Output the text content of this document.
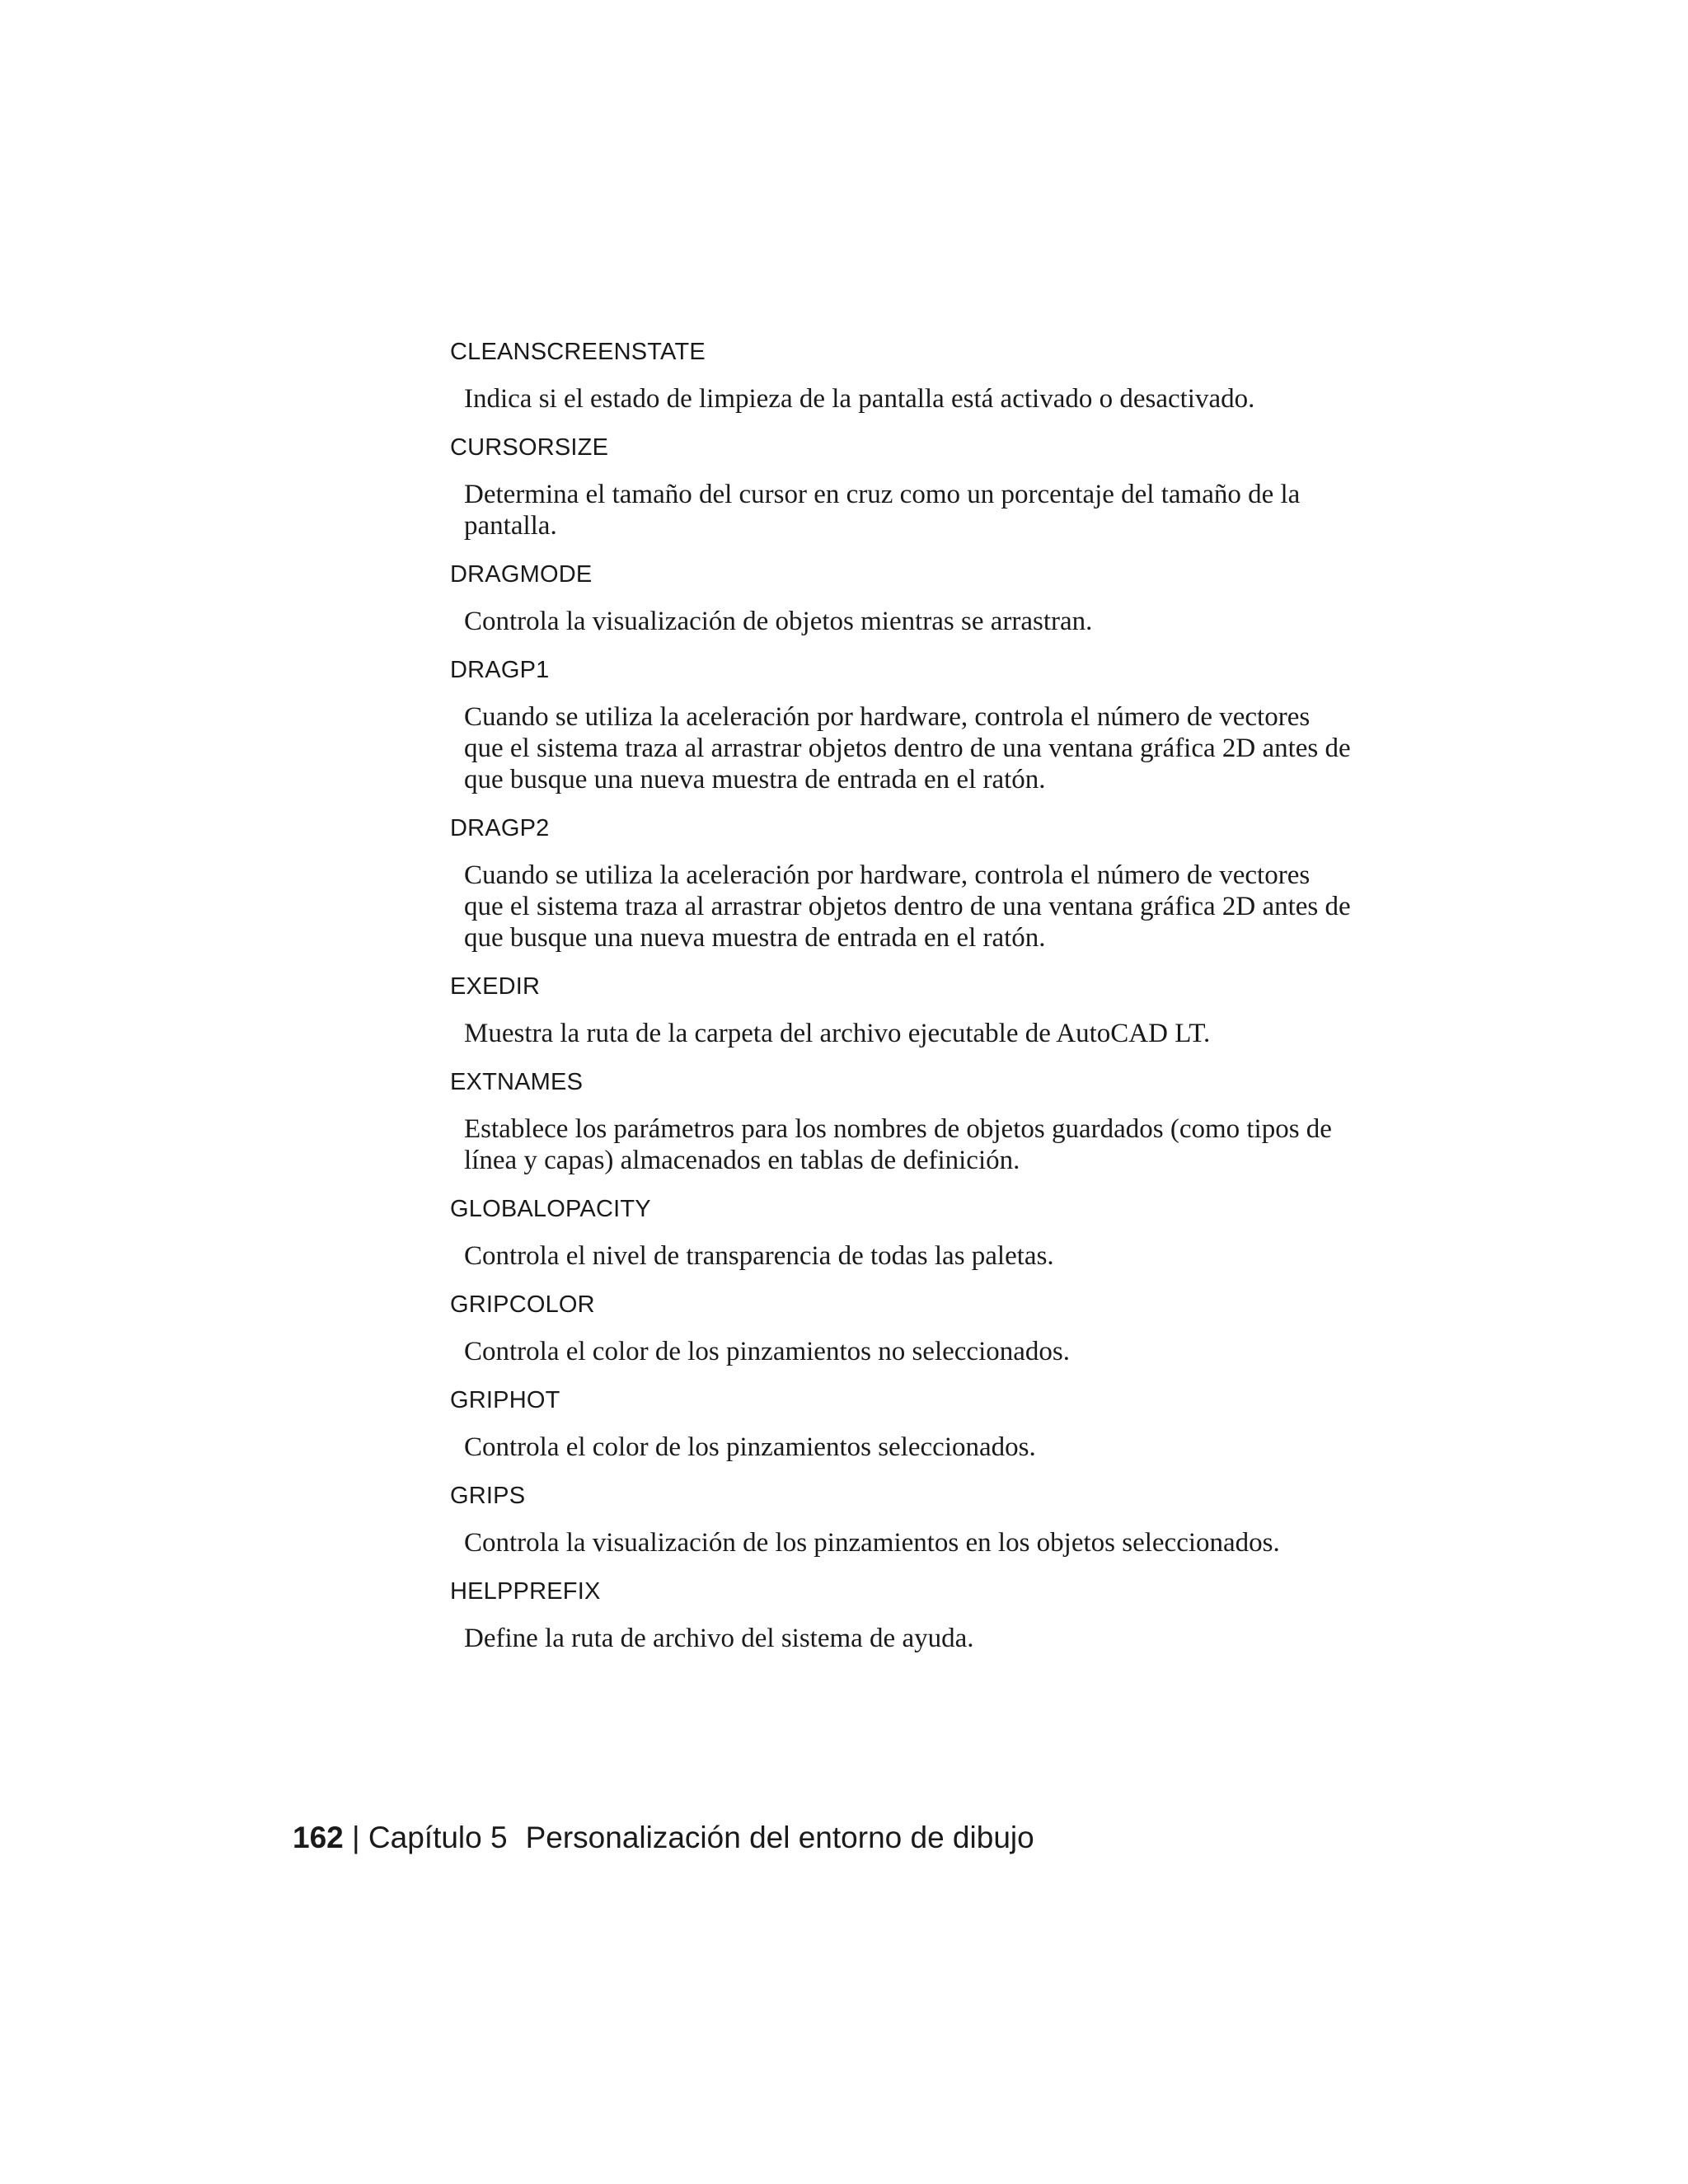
CLEANSCREENSTATE

Indica si el estado de limpieza de la pantalla está activado o desactivado.

CURSORSIZE

Determina el tamaño del cursor en cruz como un porcentaje del tamaño de la pantalla.

DRAGMODE

Controla la visualización de objetos mientras se arrastran.

DRAGP1

Cuando se utiliza la aceleración por hardware, controla el número de vectores que el sistema traza al arrastrar objetos dentro de una ventana gráfica 2D antes de que busque una nueva muestra de entrada en el ratón.

DRAGP2

Cuando se utiliza la aceleración por hardware, controla el número de vectores que el sistema traza al arrastrar objetos dentro de una ventana gráfica 2D antes de que busque una nueva muestra de entrada en el ratón.

EXEDIR

Muestra la ruta de la carpeta del archivo ejecutable de AutoCAD LT.

EXTNAMES

Establece los parámetros para los nombres de objetos guardados (como tipos de línea y capas) almacenados en tablas de definición.

GLOBALOPACITY

Controla el nivel de transparencia de todas las paletas.

GRIPCOLOR

Controla el color de los pinzamientos no seleccionados.

GRIPHOT

Controla el color de los pinzamientos seleccionados.

GRIPS

Controla la visualización de los pinzamientos en los objetos seleccionados.

HELPPREFIX

Define la ruta de archivo del sistema de ayuda.

162 | Capítulo 5 Personalización del entorno de dibujo
